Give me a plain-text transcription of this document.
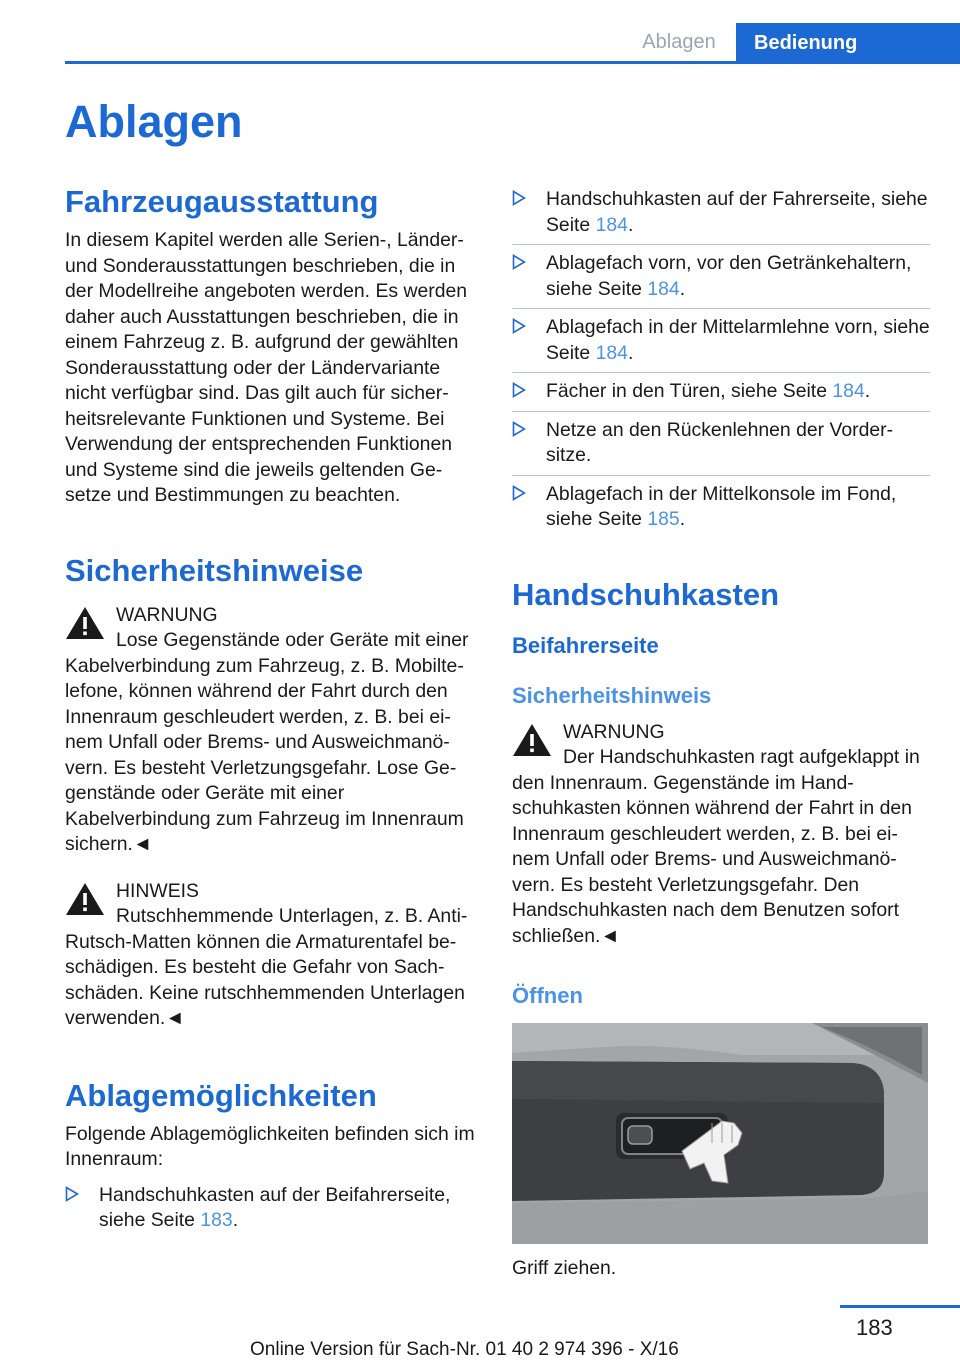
Ablagen	Bedienung
Ablagen
Fahrzeugausstattung

In diesem Kapitel werden alle Serien-, Länder- und Sonderausstattungen beschrieben, die in der Modellreihe angeboten werden. Es werden daher auch Ausstattungen beschrieben, die in einem Fahrzeug z. B. aufgrund der gewählten Sonderausstattung oder der Ländervariante nicht verfügbar sind. Das gilt auch für sicher-heitsrelevante Funktionen und Systeme. Bei Verwendung der entsprechenden Funktionen und Systeme sind die jeweils geltenden Ge-setze und Bestimmungen zu beachten.

Sicherheitshinweise
WARNUNG

Lose Gegenstände oder Geräte mit einer Kabelverbindung zum Fahrzeug, z. B. Mobilte-lefone, können während der Fahrt durch den Innenraum geschleudert werden, z. B. bei ei-nem Unfall oder Brems- und Ausweichmanö-vern. Es besteht Verletzungsgefahr. Lose Ge-genstände oder Geräte mit einer Kabelverbindung zum Fahrzeug im Innenraum sichern.◄

HINWEIS

Rutschhemmende Unterlagen, z. B. Anti-Rutsch-Matten können die Armaturentafel be-schädigen. Es besteht die Gefahr von Sach-schäden. Keine rutschhemmenden Unterlagen verwenden.◄

Ablagemöglichkeiten

Folgende Ablagemöglichkeiten befinden sich im Innenraum:

Handschuhkasten auf der Beifahrerseite, siehe Seite 183.
Handschuhkasten auf der Fahrerseite, siehe Seite 184.
Ablagefach vorn, vor den Getränkehaltern, siehe Seite 184.
Ablagefach in der Mittelarmlehne vorn, siehe Seite 184.
Fächer in den Türen, siehe Seite 184.
Netze an den Rückenlehnen der Vorder-sitze.
Ablagefach in der Mittelkonsole im Fond, siehe Seite 185.
Handschuhkasten
Beifahrerseite
Sicherheitshinweis
WARNUNG

Der Handschuhkasten ragt aufgeklappt in den Innenraum. Gegenstände im Hand-schuhkasten können während der Fahrt in den Innenraum geschleudert werden, z. B. bei ei-nem Unfall oder Brems- und Ausweichmanö-vern. Es besteht Verletzungsgefahr. Den Handschuhkasten nach dem Benutzen sofort schließen.◄

Öffnen

Griff ziehen.

183
Online Version für Sach-Nr. 01 40 2 974 396 - X/16
